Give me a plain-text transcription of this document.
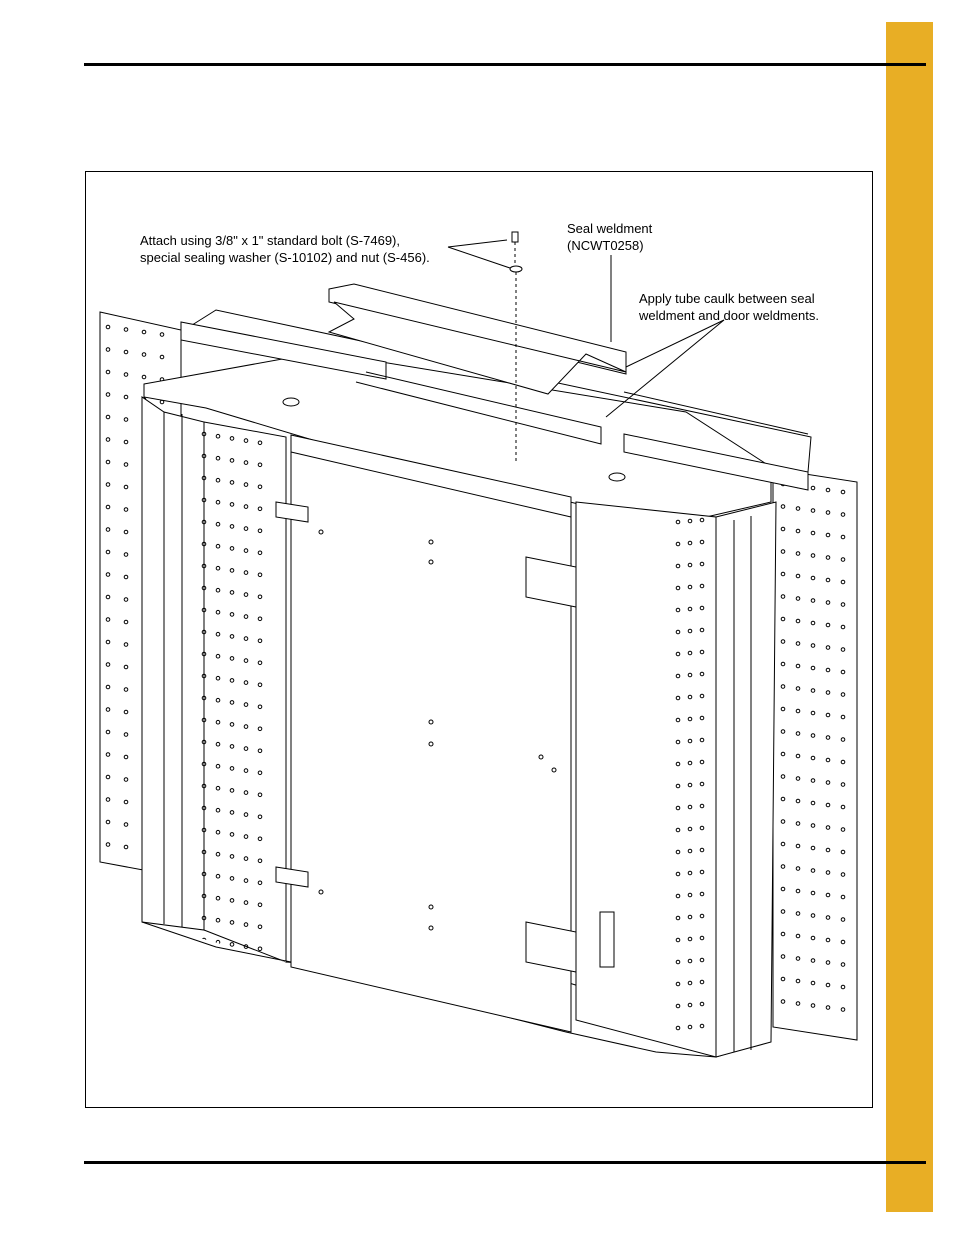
Attach using 3/8" x 1" standard bolt (S-7469),
special sealing washer (S-10102) and nut (S-456).
Seal weldment
(NCWT0258)
Apply tube caulk between seal
weldment and door weldments.
